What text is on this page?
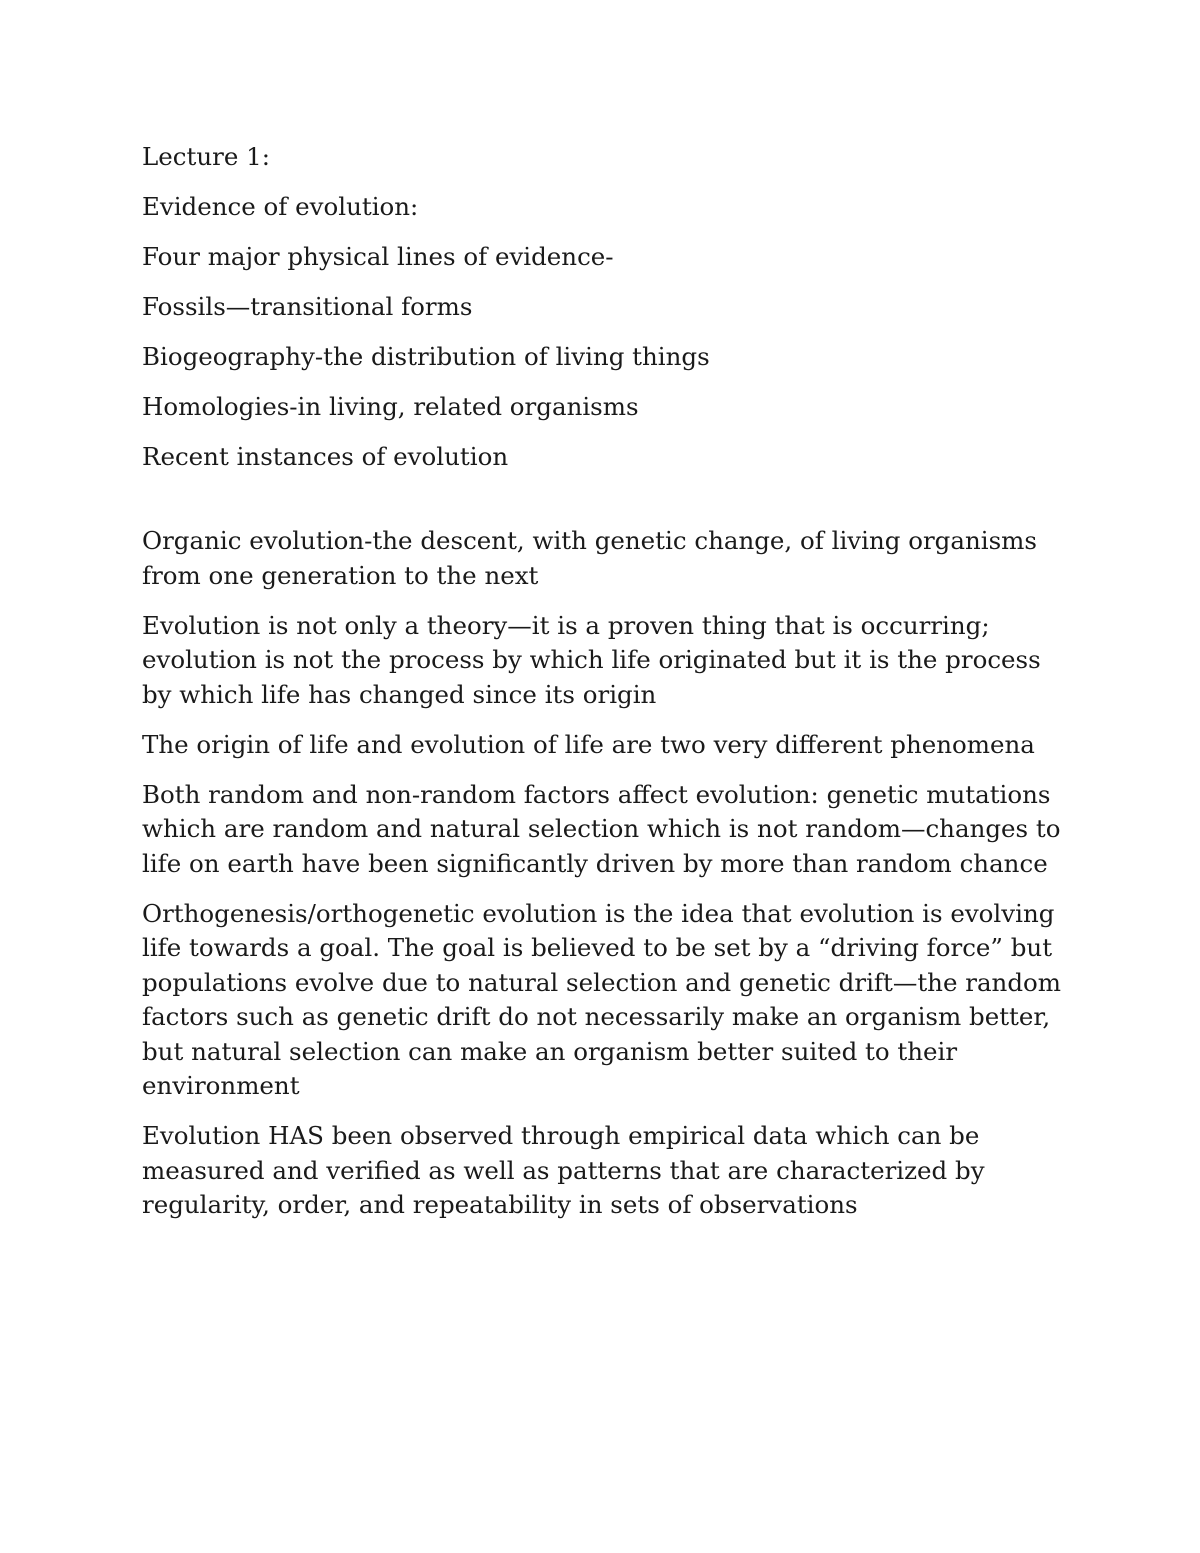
Lecture 1:

Evidence of evolution:

Four major physical lines of evidence-

Fossils—transitional forms

Biogeography-the distribution of living things

Homologies-in living, related organisms

Recent instances of evolution

Organic evolution-the descent, with genetic change, of living organisms from one generation to the next

Evolution is not only a theory—it is a proven thing that is occurring; evolution is not the process by which life originated but it is the process by which life has changed since its origin

The origin of life and evolution of life are two very different phenomena

Both random and non-random factors affect evolution: genetic mutations which are random and natural selection which is not random—changes to life on earth have been significantly driven by more than random chance

Orthogenesis/orthogenetic evolution is the idea that evolution is evolving life towards a goal. The goal is believed to be set by a “driving force” but populations evolve due to natural selection and genetic drift—the random factors such as genetic drift do not necessarily make an organism better, but natural selection can make an organism better suited to their environment

Evolution HAS been observed through empirical data which can be measured and verified as well as patterns that are characterized by regularity, order, and repeatability in sets of observations
